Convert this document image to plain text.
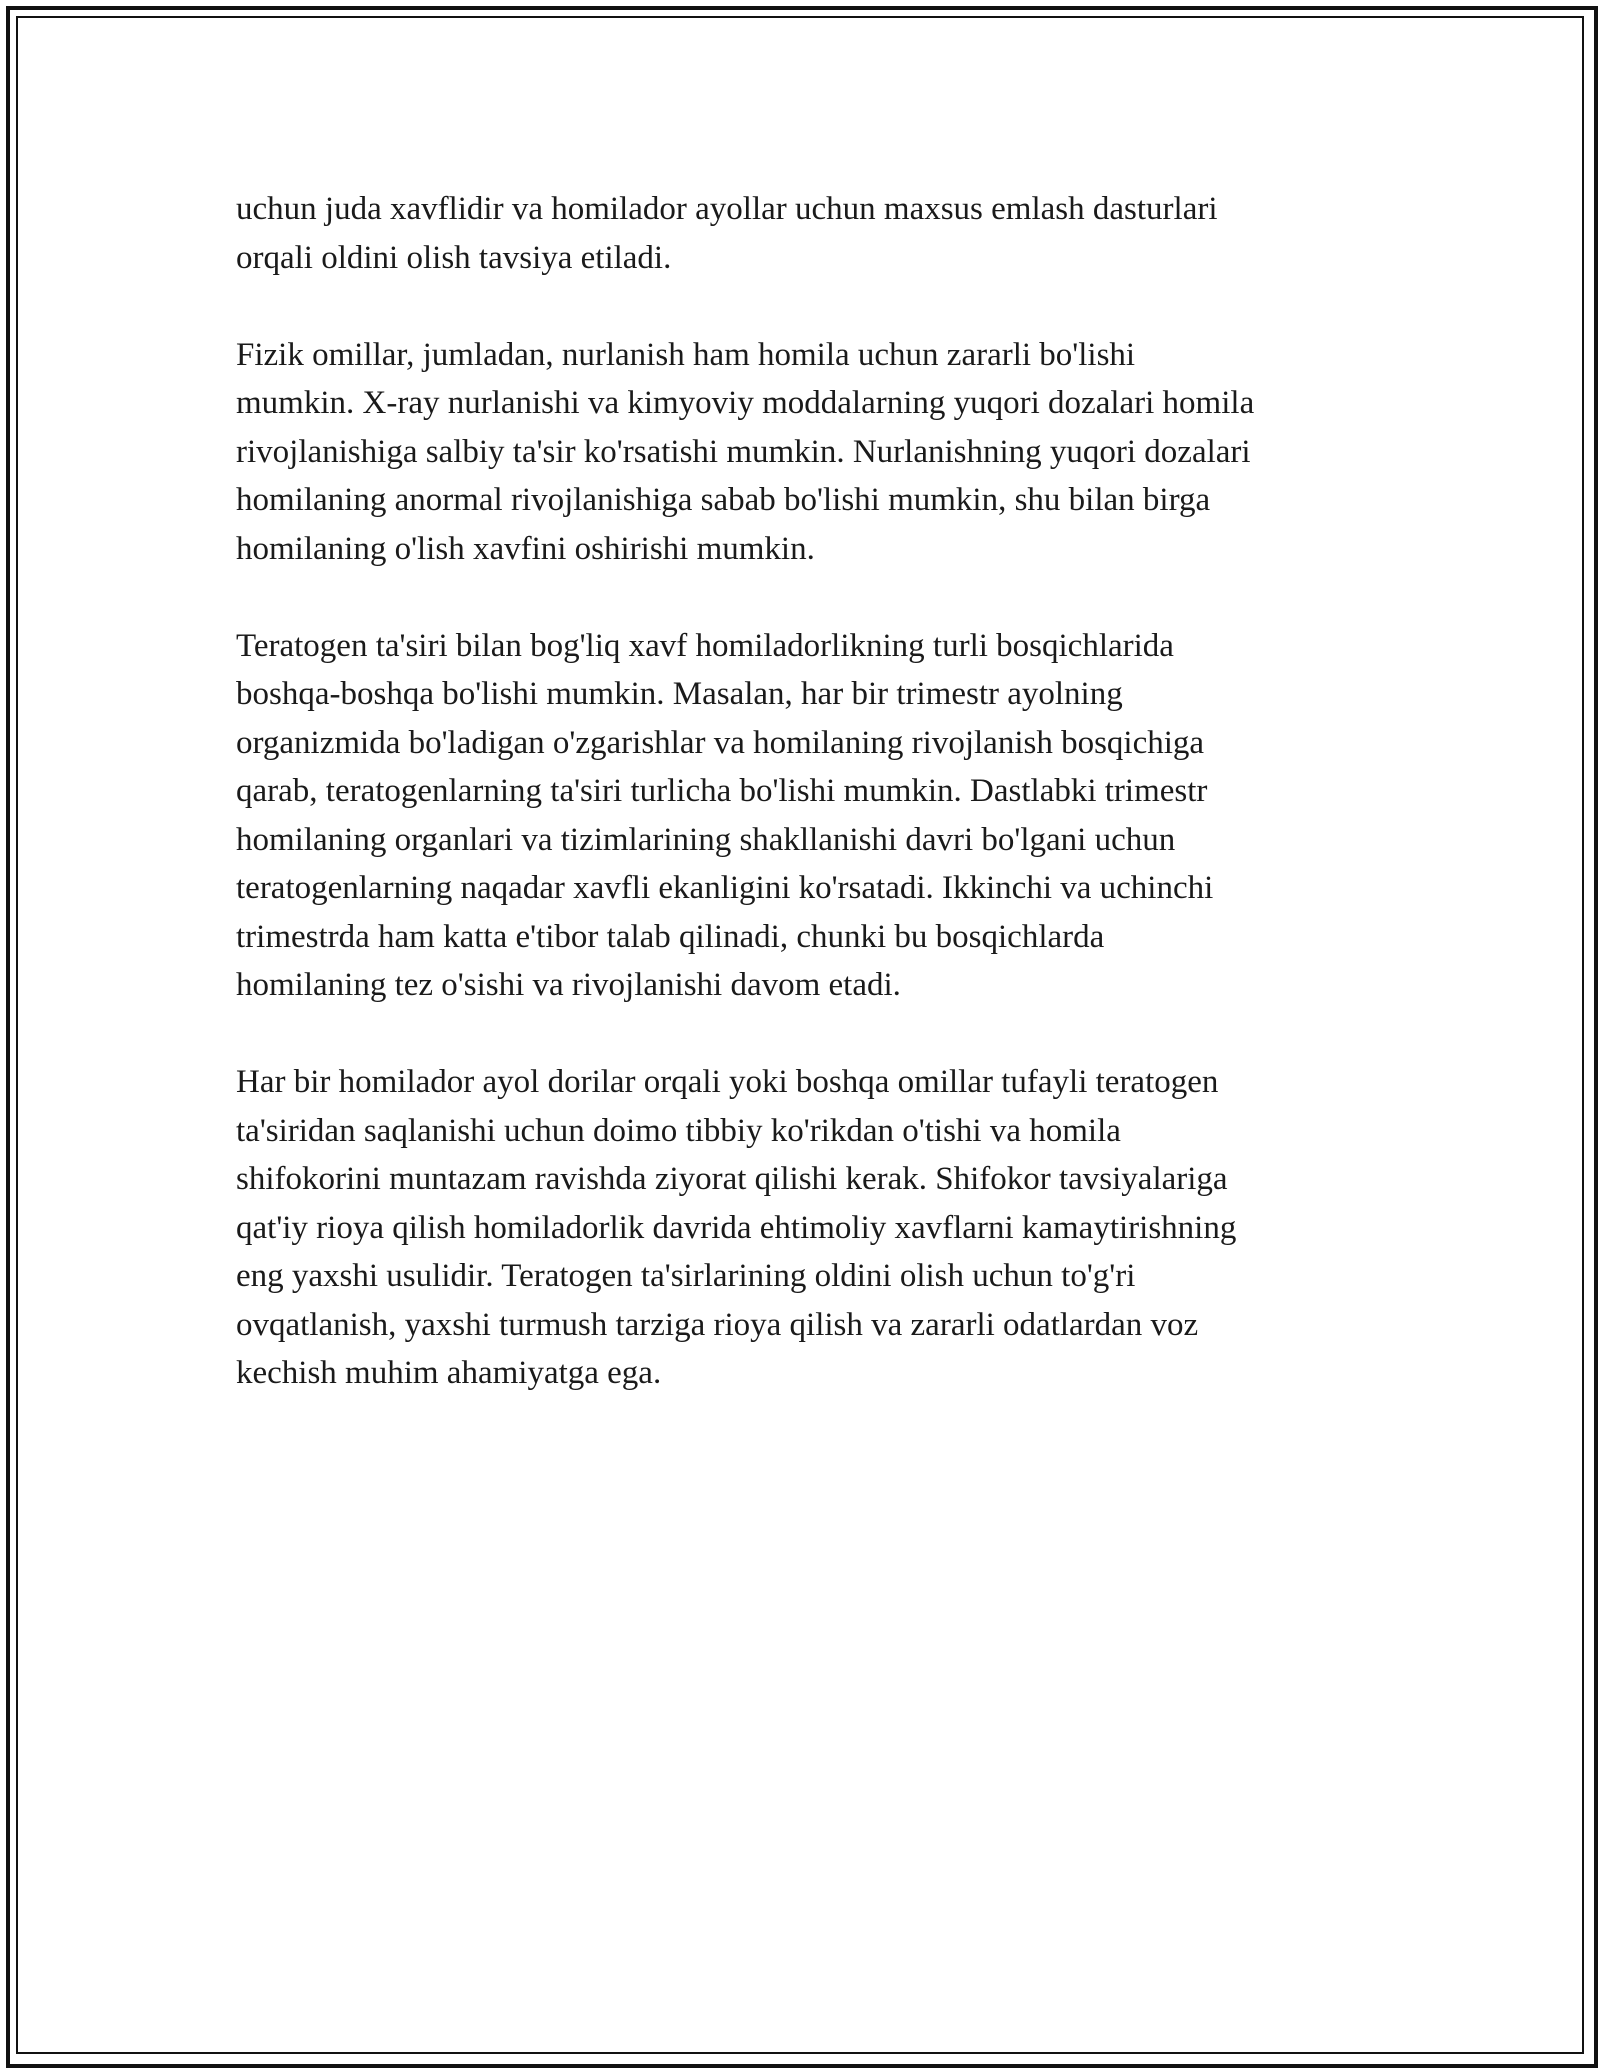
uchun juda xavflidir va homilador ayollar uchun maxsus emlash dasturlari
orqali oldini olish tavsiya etiladi.

Fizik omillar, jumladan, nurlanish ham homila uchun zararli bo'lishi
mumkin. X-ray nurlanishi va kimyoviy moddalarning yuqori dozalari homila
rivojlanishiga salbiy ta'sir ko'rsatishi mumkin. Nurlanishning yuqori dozalari
homilaning anormal rivojlanishiga sabab bo'lishi mumkin, shu bilan birga
homilaning o'lish xavfini oshirishi mumkin.

Teratogen ta'siri bilan bog'liq xavf homiladorlikning turli bosqichlarida
boshqa-boshqa bo'lishi mumkin. Masalan, har bir trimestr ayolning
organizmida bo'ladigan o'zgarishlar va homilaning rivojlanish bosqichiga
qarab, teratogenlarning ta'siri turlicha bo'lishi mumkin. Dastlabki trimestr
homilaning organlari va tizimlarining shakllanishi davri bo'lgani uchun
teratogenlarning naqadar xavfli ekanligini ko'rsatadi. Ikkinchi va uchinchi
trimestrda ham katta e'tibor talab qilinadi, chunki bu bosqichlarda
homilaning tez o'sishi va rivojlanishi davom etadi.

Har bir homilador ayol dorilar orqali yoki boshqa omillar tufayli teratogen
ta'siridan saqlanishi uchun doimo tibbiy ko'rikdan o'tishi va homila
shifokorini muntazam ravishda ziyorat qilishi kerak. Shifokor tavsiyalariga
qat'iy rioya qilish homiladorlik davrida ehtimoliy xavflarni kamaytirishning
eng yaxshi usulidir. Teratogen ta'sirlarining oldini olish uchun to'g'ri
ovqatlanish, yaxshi turmush tarziga rioya qilish va zararli odatlardan voz
kechish muhim ahamiyatga ega.
